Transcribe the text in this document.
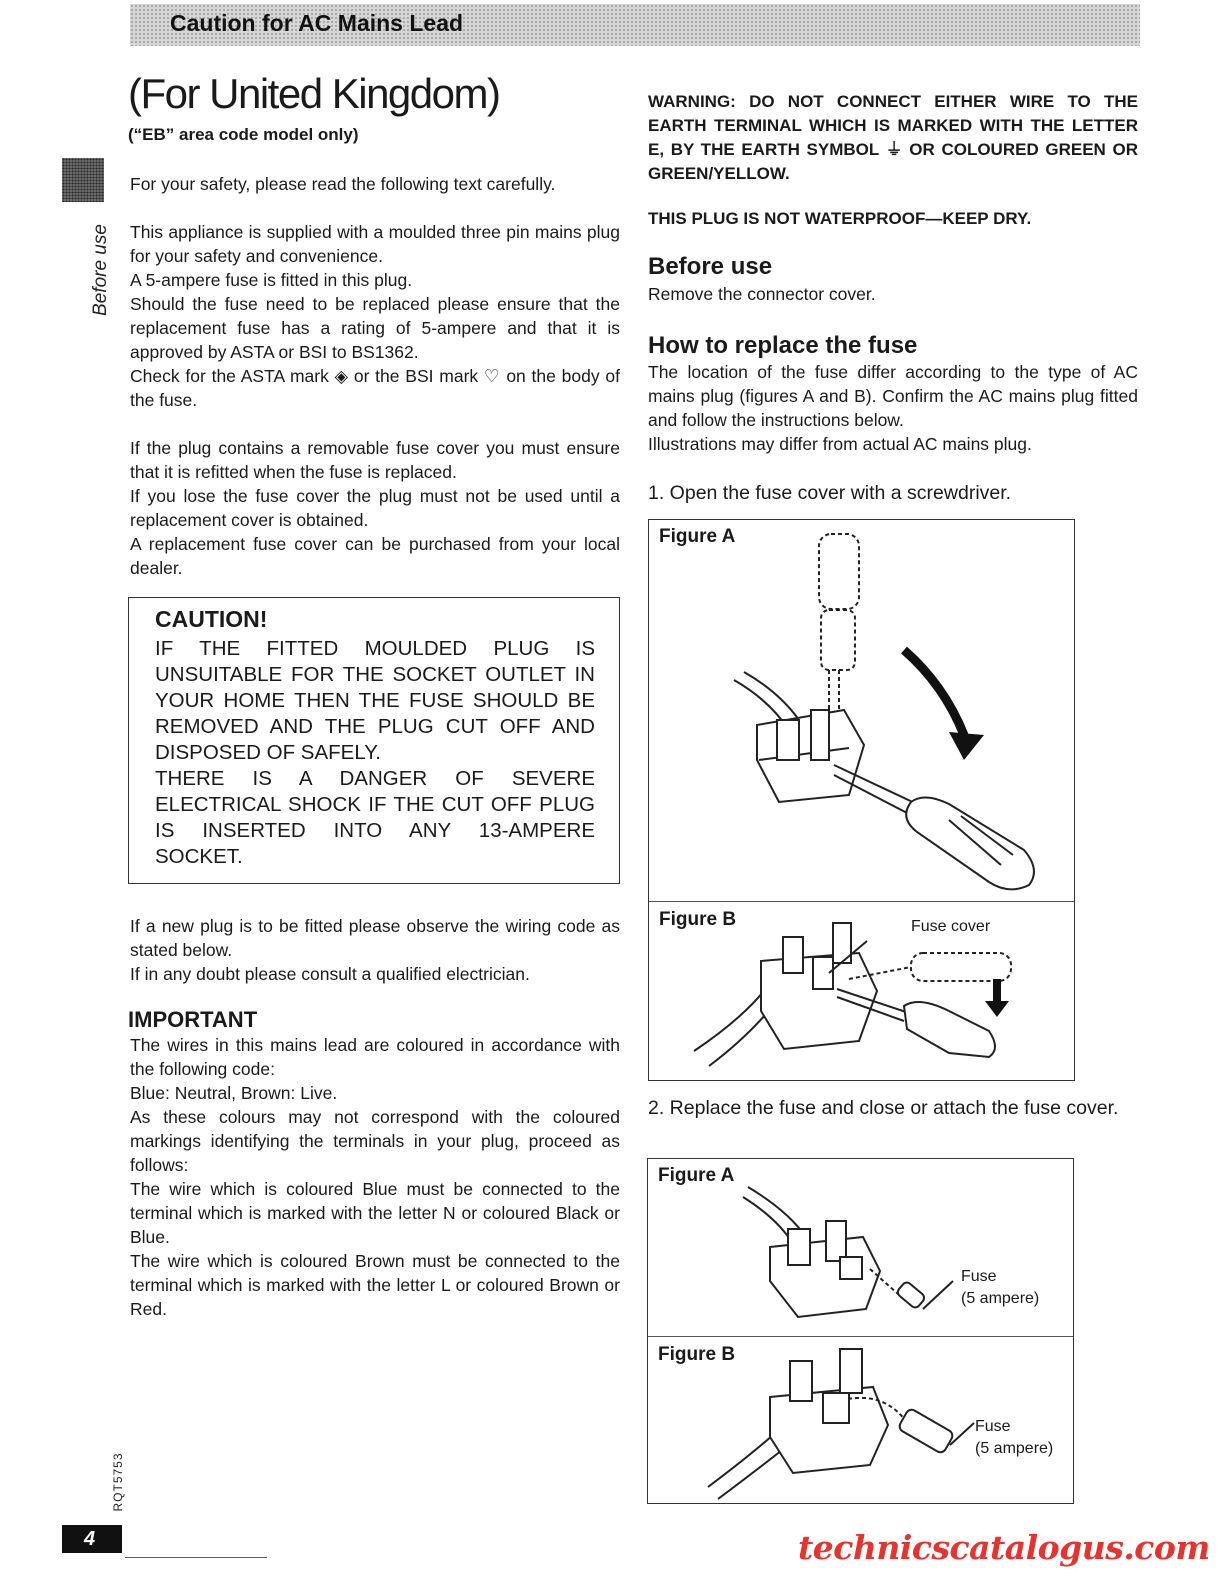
Caution for AC Mains Lead
Before use
(For United Kingdom)
(“EB” area code model only)
For your safety, please read the following text carefully.

This appliance is supplied with a moulded three pin mains plug for your safety and convenience.

A 5-ampere fuse is fitted in this plug.

Should the fuse need to be replaced please ensure that the replacement fuse has a rating of 5-ampere and that it is approved by ASTA or BSI to BS1362.

Check for the ASTA mark ◈ or the BSI mark ♡ on the body of the fuse.

If the plug contains a removable fuse cover you must ensure that it is refitted when the fuse is replaced.

If you lose the fuse cover the plug must not be used until a replacement cover is obtained.

A replacement fuse cover can be purchased from your local dealer.

CAUTION!
IF THE FITTED MOULDED PLUG IS UNSUITABLE FOR THE SOCKET OUTLET IN YOUR HOME THEN THE FUSE SHOULD BE REMOVED AND THE PLUG CUT OFF AND DISPOSED OF SAFELY.
THERE IS A DANGER OF SEVERE ELECTRICAL SHOCK IF THE CUT OFF PLUG IS INSERTED INTO ANY 13-AMPERE SOCKET.

If a new plug is to be fitted please observe the wiring code as stated below.

If in any doubt please consult a qualified electrician.

IMPORTANT

The wires in this mains lead are coloured in accordance with the following code:

Blue: Neutral, Brown: Live.

As these colours may not correspond with the coloured markings identifying the terminals in your plug, proceed as follows:

The wire which is coloured Blue must be connected to the terminal which is marked with the letter N or coloured Black or Blue.

The wire which is coloured Brown must be connected to the terminal which is marked with the letter L or coloured Brown or Red.

WARNING: DO NOT CONNECT EITHER WIRE TO THE EARTH TERMINAL WHICH IS MARKED WITH THE LETTER E, BY THE EARTH SYMBOL ⏚ OR COLOURED GREEN OR GREEN/YELLOW.
THIS PLUG IS NOT WATERPROOF—KEEP DRY.
Before use
Remove the connector cover.
How to replace the fuse

The location of the fuse differ according to the type of AC mains plug (figures A and B). Confirm the AC mains plug fitted and follow the instructions below.

Illustrations may differ from actual AC mains plug.

1. Open the fuse cover with a screwdriver.
Figure A
Figure B	Fuse cover
2. Replace the fuse and close or attach the fuse cover.
Figure A
Figure B
Fuse
(5 ampere)
Fuse
(5 ampere)
RQT5753
4	technicscatalogus.com
